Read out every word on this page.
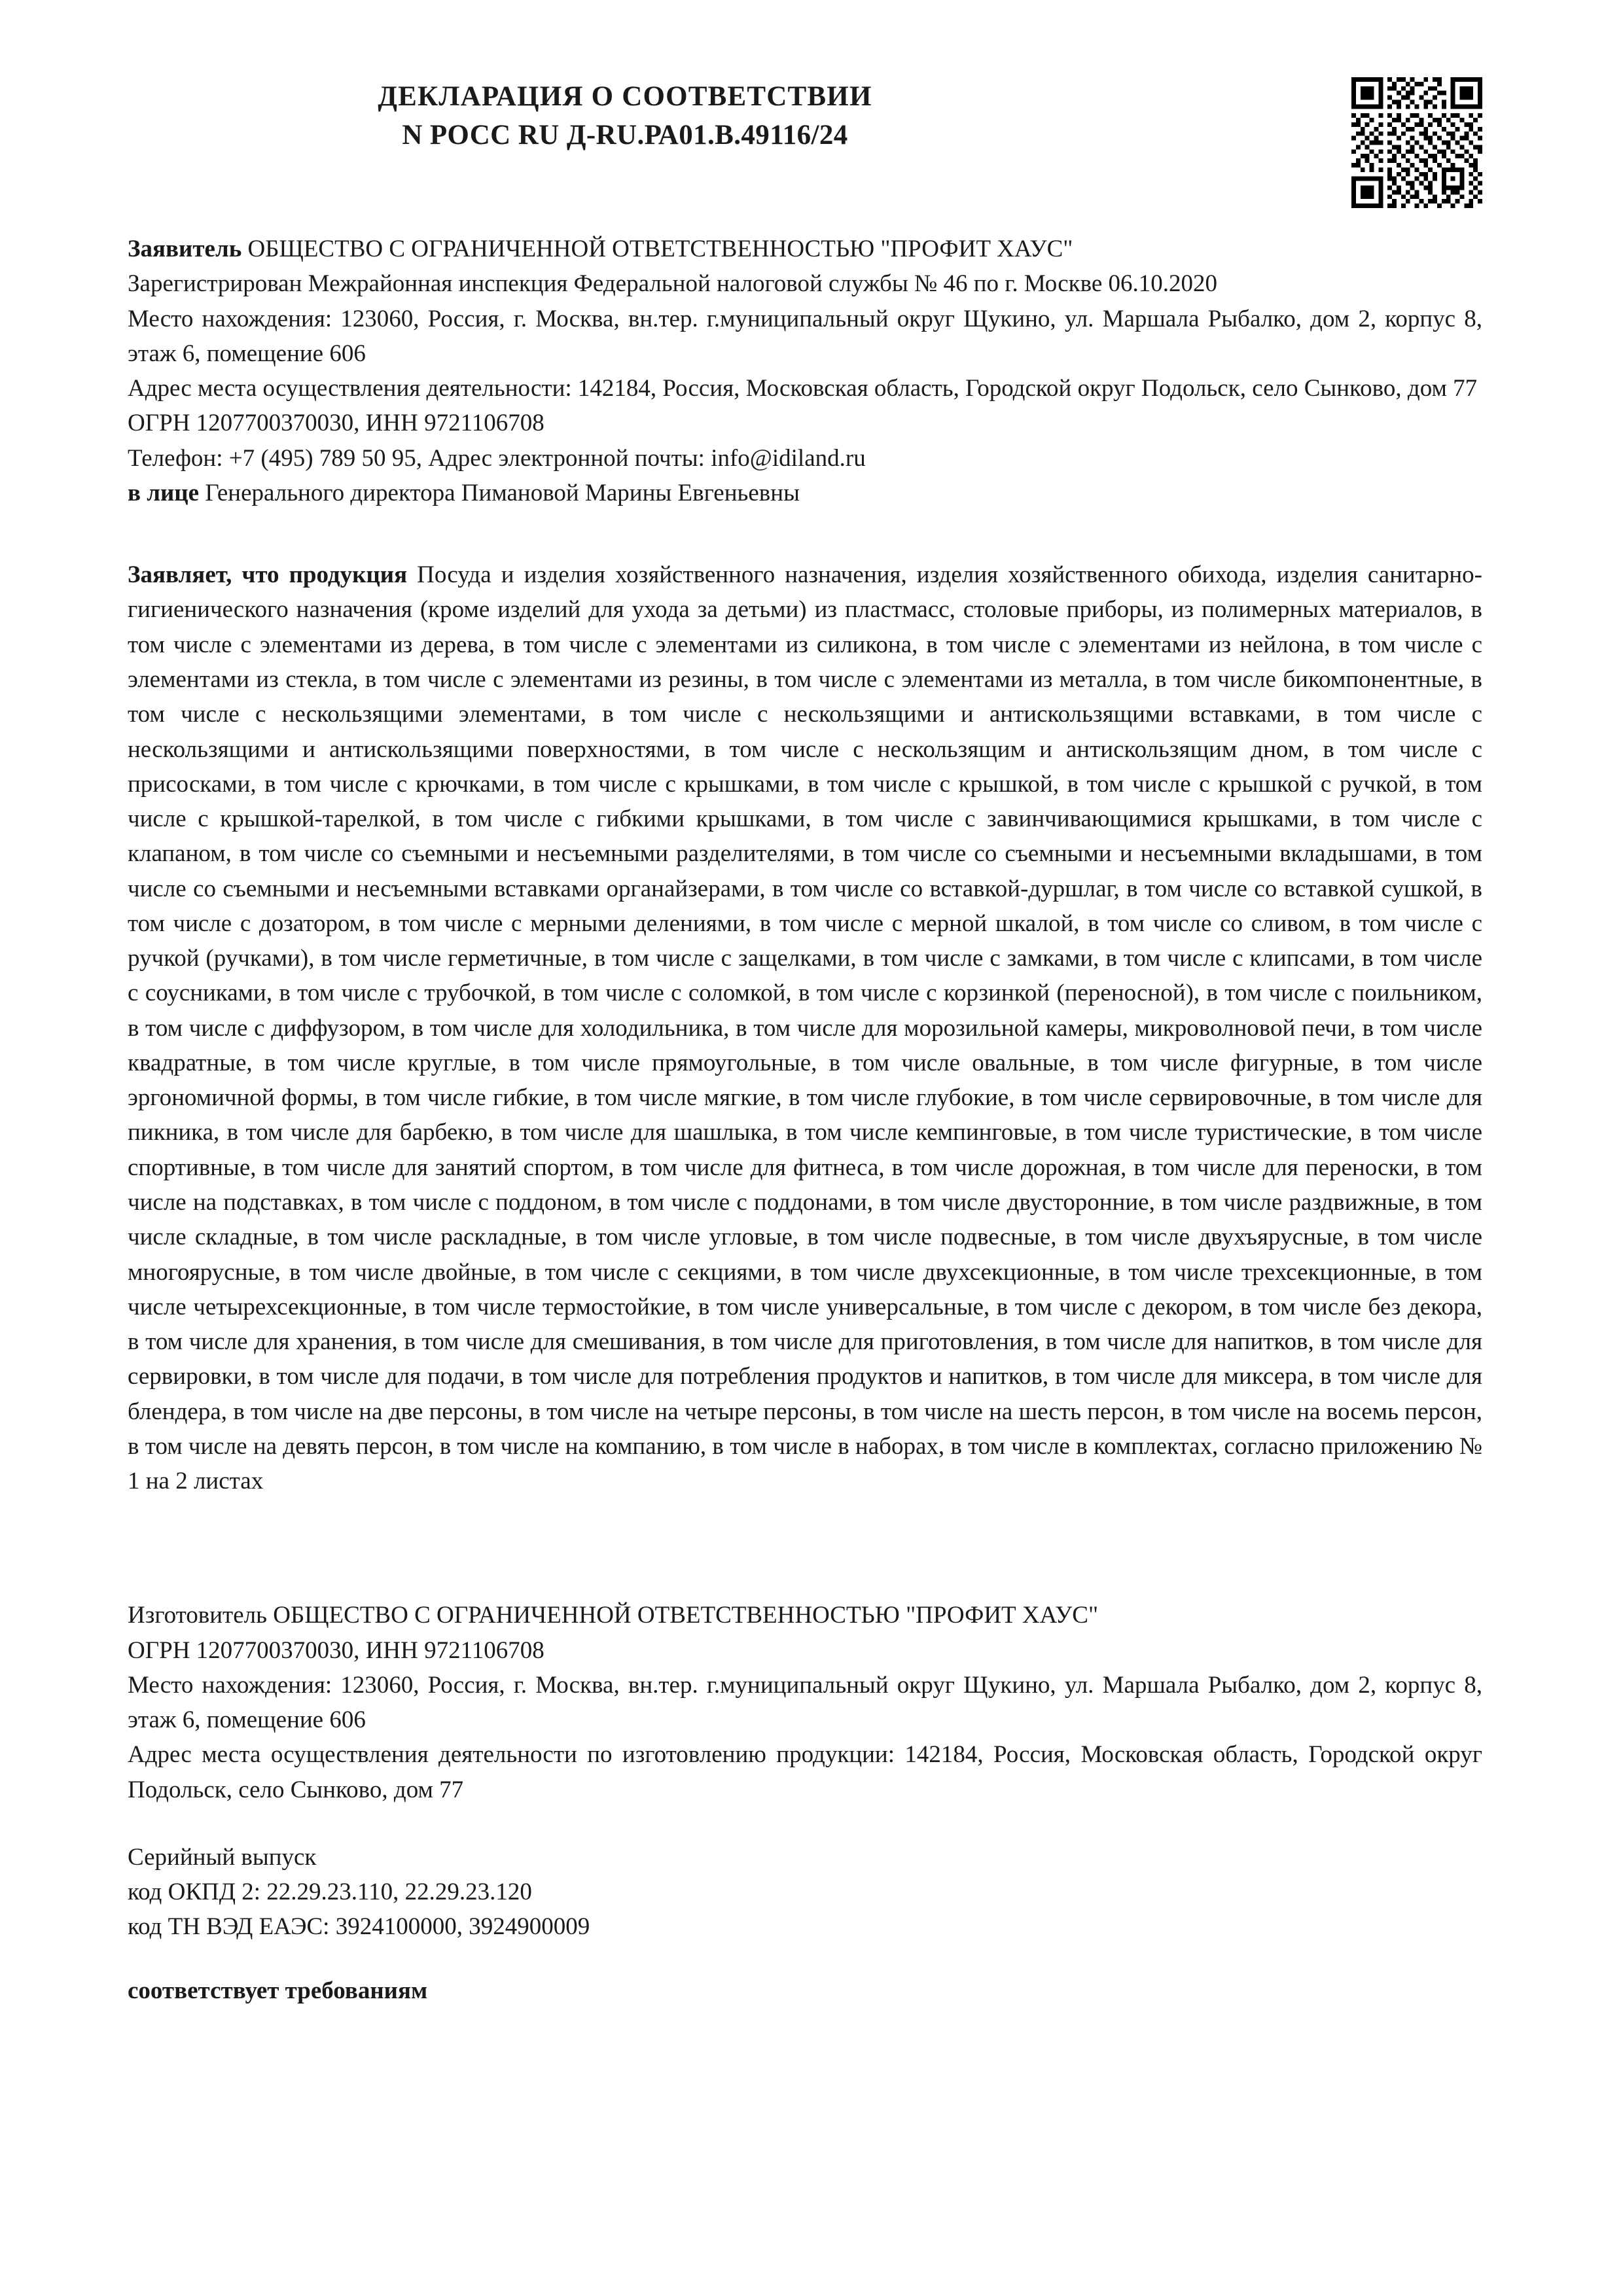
ДЕКЛАРАЦИЯ О СООТВЕТСТВИИ
N РОСС RU Д-RU.РА01.В.49116/24

Заявитель ОБЩЕСТВО С ОГРАНИЧЕННОЙ ОТВЕТСТВЕННОСТЬЮ "ПРОФИТ ХАУС"

Зарегистрирован Межрайонная инспекция Федеральной налоговой службы № 46 по г. Москве 06.10.2020

Место нахождения: 123060, Россия, г. Москва, вн.тер. г.муниципальный округ Щукино, ул. Маршала Рыбалко, дом 2, корпус 8, этаж 6, помещение 606

Адрес места осуществления деятельности: 142184, Россия, Московская область, Городской округ Подольск, село Сынково, дом 77

ОГРН 1207700370030, ИНН 9721106708

Телефон: +7 (495) 789 50 95, Адрес электронной почты: info@idiland.ru

в лице Генерального директора Пимановой Марины Евгеньевны

Заявляет, что продукция Посуда и изделия хозяйственного назначения, изделия хозяйственного обихода, изделия санитарно-гигиенического назначения (кроме изделий для ухода за детьми) из пластмасс, столовые приборы, из полимерных материалов, в том числе с элементами из дерева, в том числе с элементами из силикона, в том числе с элементами из нейлона, в том числе с элементами из стекла, в том числе с элементами из резины, в том числе с элементами из металла, в том числе бикомпонентные, в том числе с нескользящими элементами, в том числе с нескользящими и антискользящими вставками, в том числе с нескользящими и антискользящими поверхностями, в том числе с нескользящим и антискользящим дном, в том числе с присосками, в том числе с крючками, в том числе с крышками, в том числе с крышкой, в том числе с крышкой с ручкой, в том числе с крышкой-тарелкой, в том числе с гибкими крышками, в том числе с завинчивающимися крышками, в том числе с клапаном, в том числе со съемными и несъемными разделителями, в том числе со съемными и несъемными вкладышами, в том числе со съемными и несъемными вставками органайзерами, в том числе со вставкой-дуршлаг, в том числе со вставкой сушкой, в том числе с дозатором, в том числе с мерными делениями, в том числе с мерной шкалой, в том числе со сливом, в том числе с ручкой (ручками), в том числе герметичные, в том числе с защелками, в том числе с замками, в том числе с клипсами, в том числе с соусниками, в том числе с трубочкой, в том числе с соломкой, в том числе с корзинкой (переносной), в том числе с поильником, в том числе с диффузором, в том числе для холодильника, в том числе для морозильной камеры, микроволновой печи, в том числе квадратные, в том числе круглые, в том числе прямоугольные, в том числе овальные, в том числе фигурные, в том числе эргономичной формы, в том числе гибкие, в том числе мягкие, в том числе глубокие, в том числе сервировочные, в том числе для пикника, в том числе для барбекю, в том числе для шашлыка, в том числе кемпинговые, в том числе туристические, в том числе спортивные, в том числе для занятий спортом, в том числе для фитнеса, в том числе дорожная, в том числе для переноски, в том числе на подставках, в том числе с поддоном, в том числе с поддонами, в том числе двусторонние, в том числе раздвижные, в том числе складные, в том числе раскладные, в том числе угловые, в том числе подвесные, в том числе двухъярусные, в том числе многоярусные, в том числе двойные, в том числе с секциями, в том числе двухсекционные, в том числе трехсекционные, в том числе четырехсекционные, в том числе термостойкие, в том числе универсальные, в том числе с декором, в том числе без декора, в том числе для хранения, в том числе для смешивания, в том числе для приготовления, в том числе для напитков, в том числе для сервировки, в том числе для подачи, в том числе для потребления продуктов и напитков, в том числе для миксера, в том числе для блендера, в том числе на две персоны, в том числе на четыре персоны, в том числе на шесть персон, в том числе на восемь персон, в том числе на девять персон, в том числе на компанию, в том числе в наборах, в том числе в комплектах, согласно приложению № 1 на 2 листах

Изготовитель ОБЩЕСТВО С ОГРАНИЧЕННОЙ ОТВЕТСТВЕННОСТЬЮ "ПРОФИТ ХАУС"

ОГРН 1207700370030, ИНН 9721106708

Место нахождения: 123060, Россия, г. Москва, вн.тер. г.муниципальный округ Щукино, ул. Маршала Рыбалко, дом 2, корпус 8, этаж 6, помещение 606

Адрес места осуществления деятельности по изготовлению продукции: 142184, Россия, Московская область, Городской округ Подольск, село Сынково, дом 77

Серийный выпуск

код ОКПД 2: 22.29.23.110, 22.29.23.120

код ТН ВЭД ЕАЭС: 3924100000, 3924900009

соответствует требованиям
